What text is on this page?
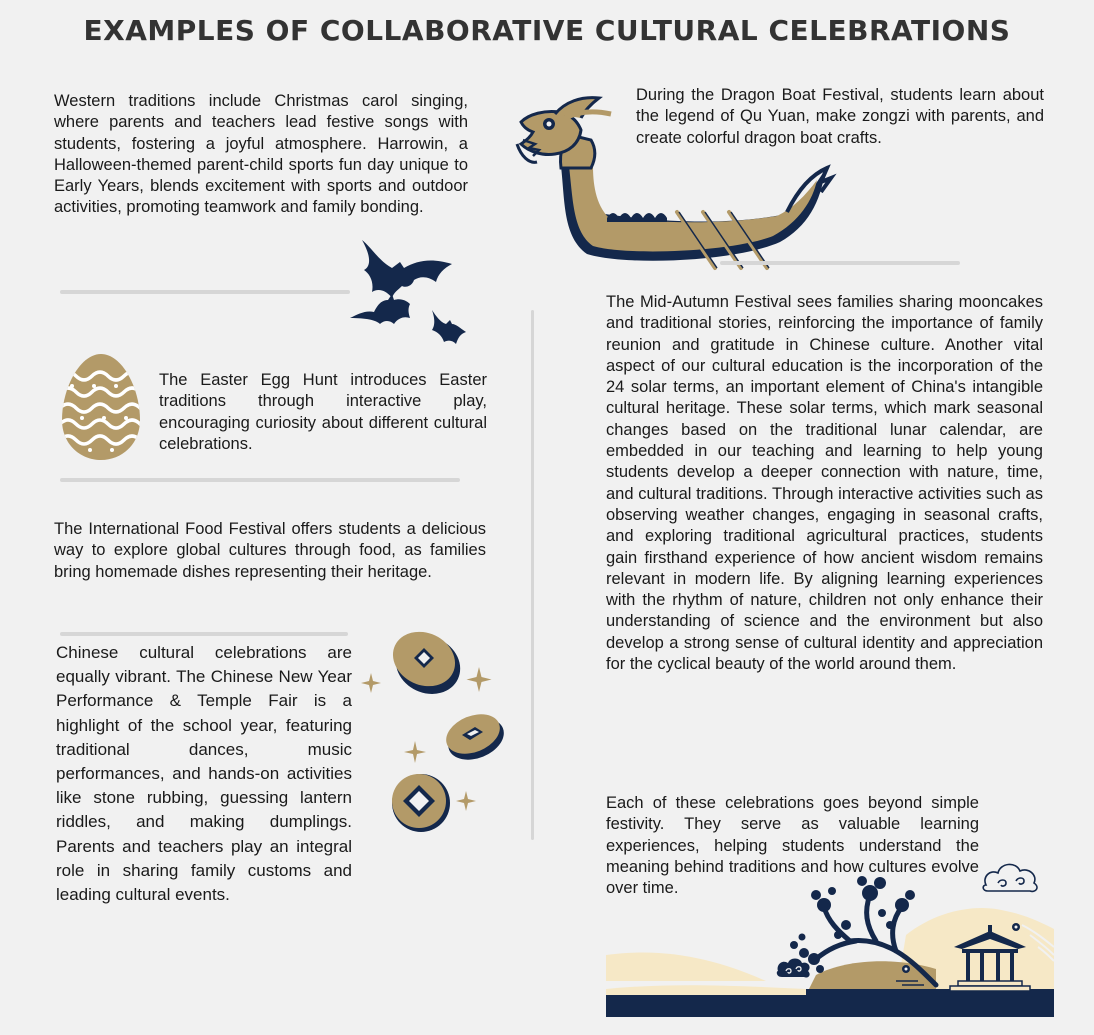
EXAMPLES OF COLLABORATIVE CULTURAL CELEBRATIONS
Western traditions include Christmas carol singing, where parents and teachers lead festive songs with students, fostering a joyful atmosphere. Harrowin, a Halloween-themed parent-child sports fun day unique to Early Years, blends excitement with sports and outdoor activities, promoting teamwork and family bonding.
The Easter Egg Hunt introduces Easter traditions through interactive play, encouraging curiosity about different cultural celebrations.
The International Food Festival offers students a delicious way to explore global cultures through food, as families bring homemade dishes representing their heritage.
Chinese cultural celebrations are equally vibrant. The Chinese New Year Performance & Temple Fair is a highlight of the school year, featuring traditional dances, music performances, and hands-on activities like stone rubbing, guessing lantern riddles, and making dumplings. Parents and teachers play an integral role in sharing family customs and leading cultural events.
During the Dragon Boat Festival, students learn about the legend of Qu Yuan, make zongzi with parents, and create colorful dragon boat crafts.
The Mid-Autumn Festival sees families sharing mooncakes and traditional stories, reinforcing the importance of family reunion and gratitude in Chinese culture. Another vital aspect of our cultural education is the incorporation of the 24 solar terms, an important element of China's intangible cultural heritage. These solar terms, which mark seasonal changes based on the traditional lunar calendar, are embedded in our teaching and learning to help young students develop a deeper connection with nature, time, and cultural traditions. Through interactive activities such as observing weather changes, engaging in seasonal crafts, and exploring traditional agricultural practices, students gain firsthand experience of how ancient wisdom remains relevant in modern life. By aligning learning experiences with the rhythm of nature, children not only enhance their understanding of science and the environment but also develop a strong sense of cultural identity and appreciation for the cyclical beauty of the world around them.
Each of these celebrations goes beyond simple festivity. They serve as valuable learning experiences, helping students understand the meaning behind traditions and how cultures evolve over time.
